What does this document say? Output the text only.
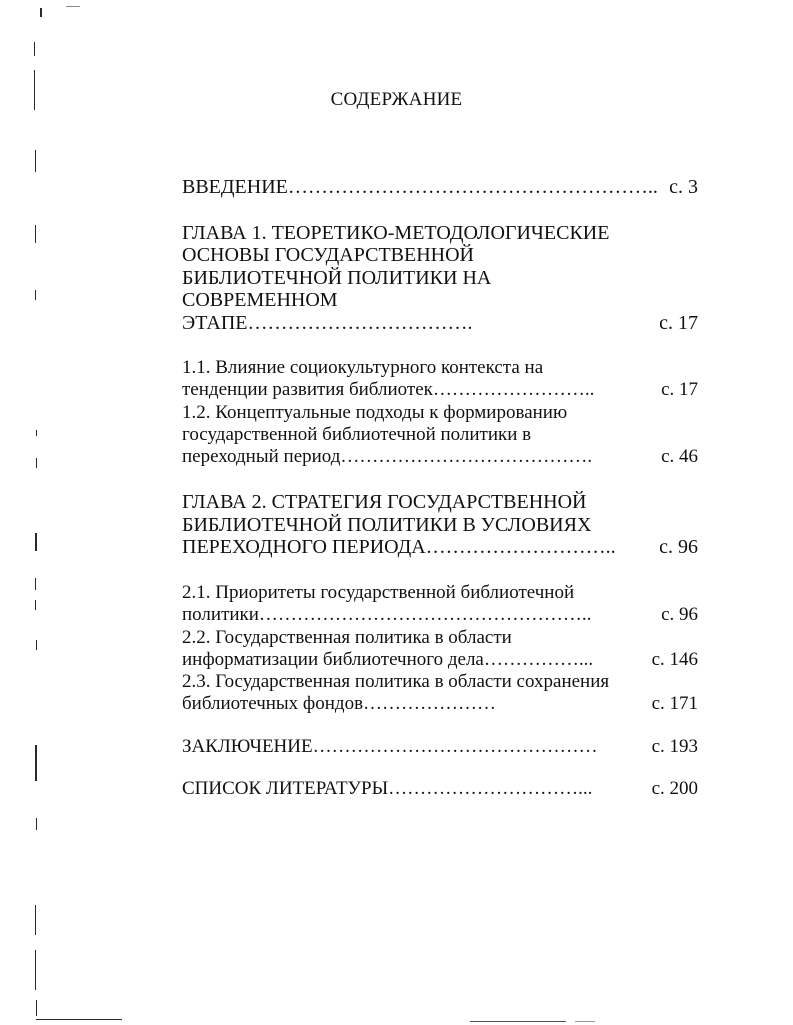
СОДЕРЖАНИЕ
ВВЕДЕНИЕ……………………………………………….. с. 3
ГЛАВА 1. ТЕОРЕТИКО-МЕТОДОЛОГИЧЕСКИЕ ОСНОВЫ ГОСУДАРСТВЕННОЙ БИБЛИОТЕЧНОЙ ПОЛИТИКИ НА СОВРЕМЕННОМ ЭТАПЕ…………………………….	с. 17
1.1. Влияние социокультурного контекста на тенденции развития библиотек……………………..	с. 17
1.2. Концептуальные подходы к формированию государственной библиотечной политики в переходный период………………………………….	с. 46
ГЛАВА 2. СТРАТЕГИЯ ГОСУДАРСТВЕННОЙ БИБЛИОТЕЧНОЙ ПОЛИТИКИ В УСЛОВИЯХ ПЕРЕХОДНОГО ПЕРИОДА………………………..	с. 96
2.1. Приоритеты государственной библиотечной политики……………………………………………..	с. 96
2.2. Государственная политика в области информатизации библиотечного дела……………...	с. 146
2.3. Государственная политика в области сохранения библиотечных фондов…………………	с. 171
ЗАКЛЮЧЕНИЕ………………………………………	с. 193
СПИСОК ЛИТЕРАТУРЫ…………………………...	с. 200
